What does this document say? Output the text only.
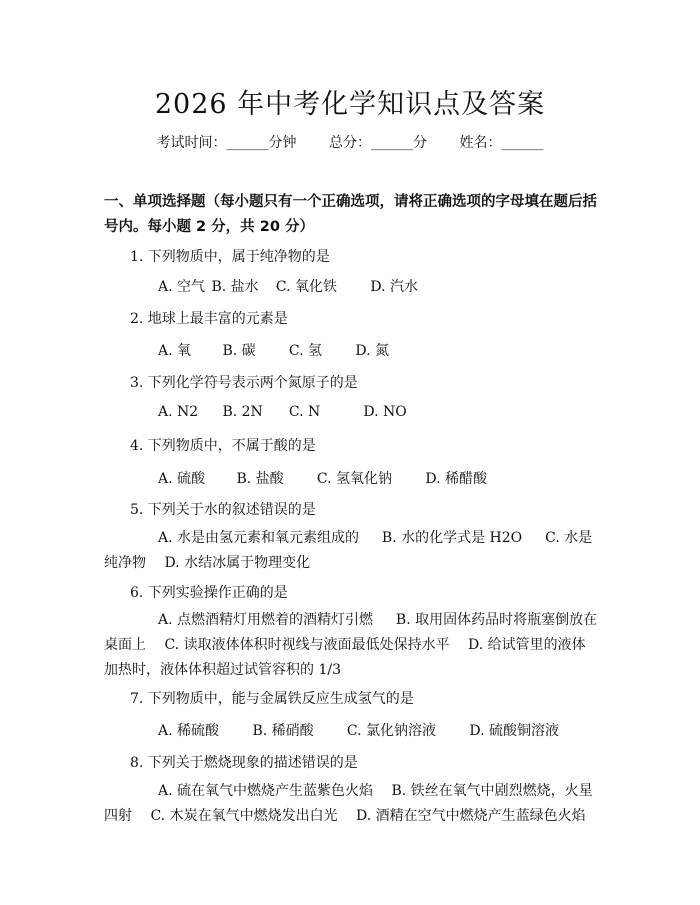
2026 年中考化学知识点及答案
考试时间：______分钟 总分：______分 姓名：______
一、单项选择题（每小题只有一个正确选项，请将正确选项的字母填在题后括号内。每小题 2 分，共 20 分）
1. 下列物质中，属于纯净物的是
A. 空气 B. 盐水 C. 氧化铁 D. 汽水
2. 地球上最丰富的元素是
A. 氧 B. 碳 C. 氢 D. 氮
3. 下列化学符号表示两个氮原子的是
A. N2 B. 2N C. N	D. NO
4. 下列物质中，不属于酸的是
A. 硫酸 B. 盐酸 C. 氢氧化钠 D. 稀醋酸
5. 下列关于水的叙述错误的是
A. 水是由氢元素和氧元素组成的　 B. 水的化学式是 H2O　 C. 水是纯净物　 D. 水结冰属于物理变化
6. 下列实验操作正确的是
A. 点燃酒精灯用燃着的酒精灯引燃　 B. 取用固体药品时将瓶塞倒放在桌面上　 C. 读取液体体积时视线与液面最低处保持水平　 D. 给试管里的液体加热时，液体体积超过试管容积的 1/3
7. 下列物质中，能与金属铁反应生成氢气的是
A. 稀硫酸 B. 稀硝酸 C. 氯化钠溶液 D. 硫酸铜溶液
8. 下列关于燃烧现象的描述错误的是
A. 硫在氧气中燃烧产生蓝紫色火焰　 B. 铁丝在氧气中剧烈燃烧，火星四射　 C. 木炭在氧气中燃烧发出白光　 D. 酒精在空气中燃烧产生蓝绿色火焰
